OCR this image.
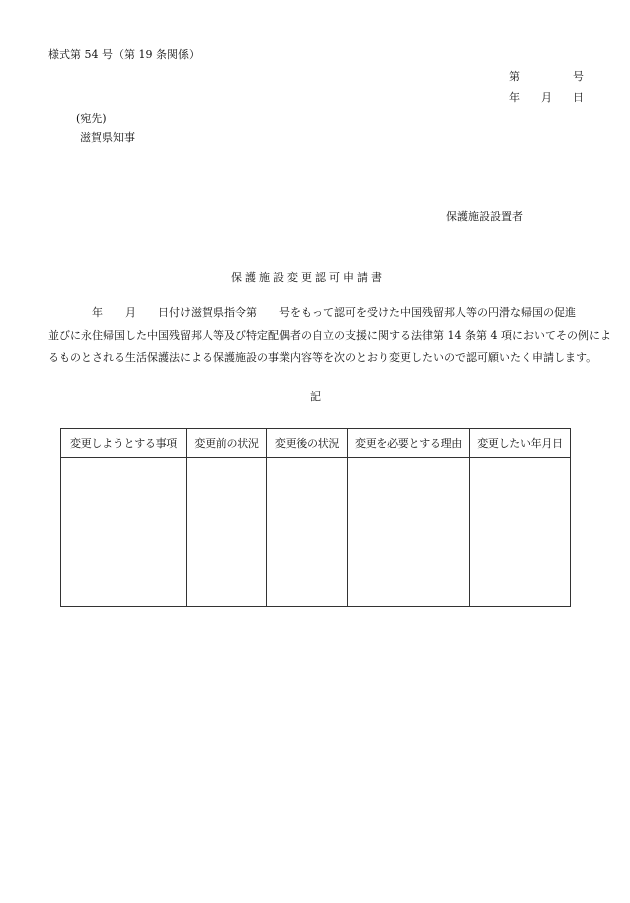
様式第 54 号（第 19 条関係）
第	号
年 月 日
(宛先)
滋賀県知事
保護施設設置者
保護施設変更認可申請書
　　　　年　　月　　日付け滋賀県指令第　　号をもって認可を受けた中国残留邦人等の円滑な帰国の促進
並びに永住帰国した中国残留邦人等及び特定配偶者の自立の支援に関する法律第 14 条第 4 項においてその例によ
るものとされる生活保護法による保護施設の事業内容等を次のとおり変更したいので認可願いたく申請します。
記
変更しようとする事項	変更前の状況	変更後の状況	変更を必要とする理由	変更したい年月日
